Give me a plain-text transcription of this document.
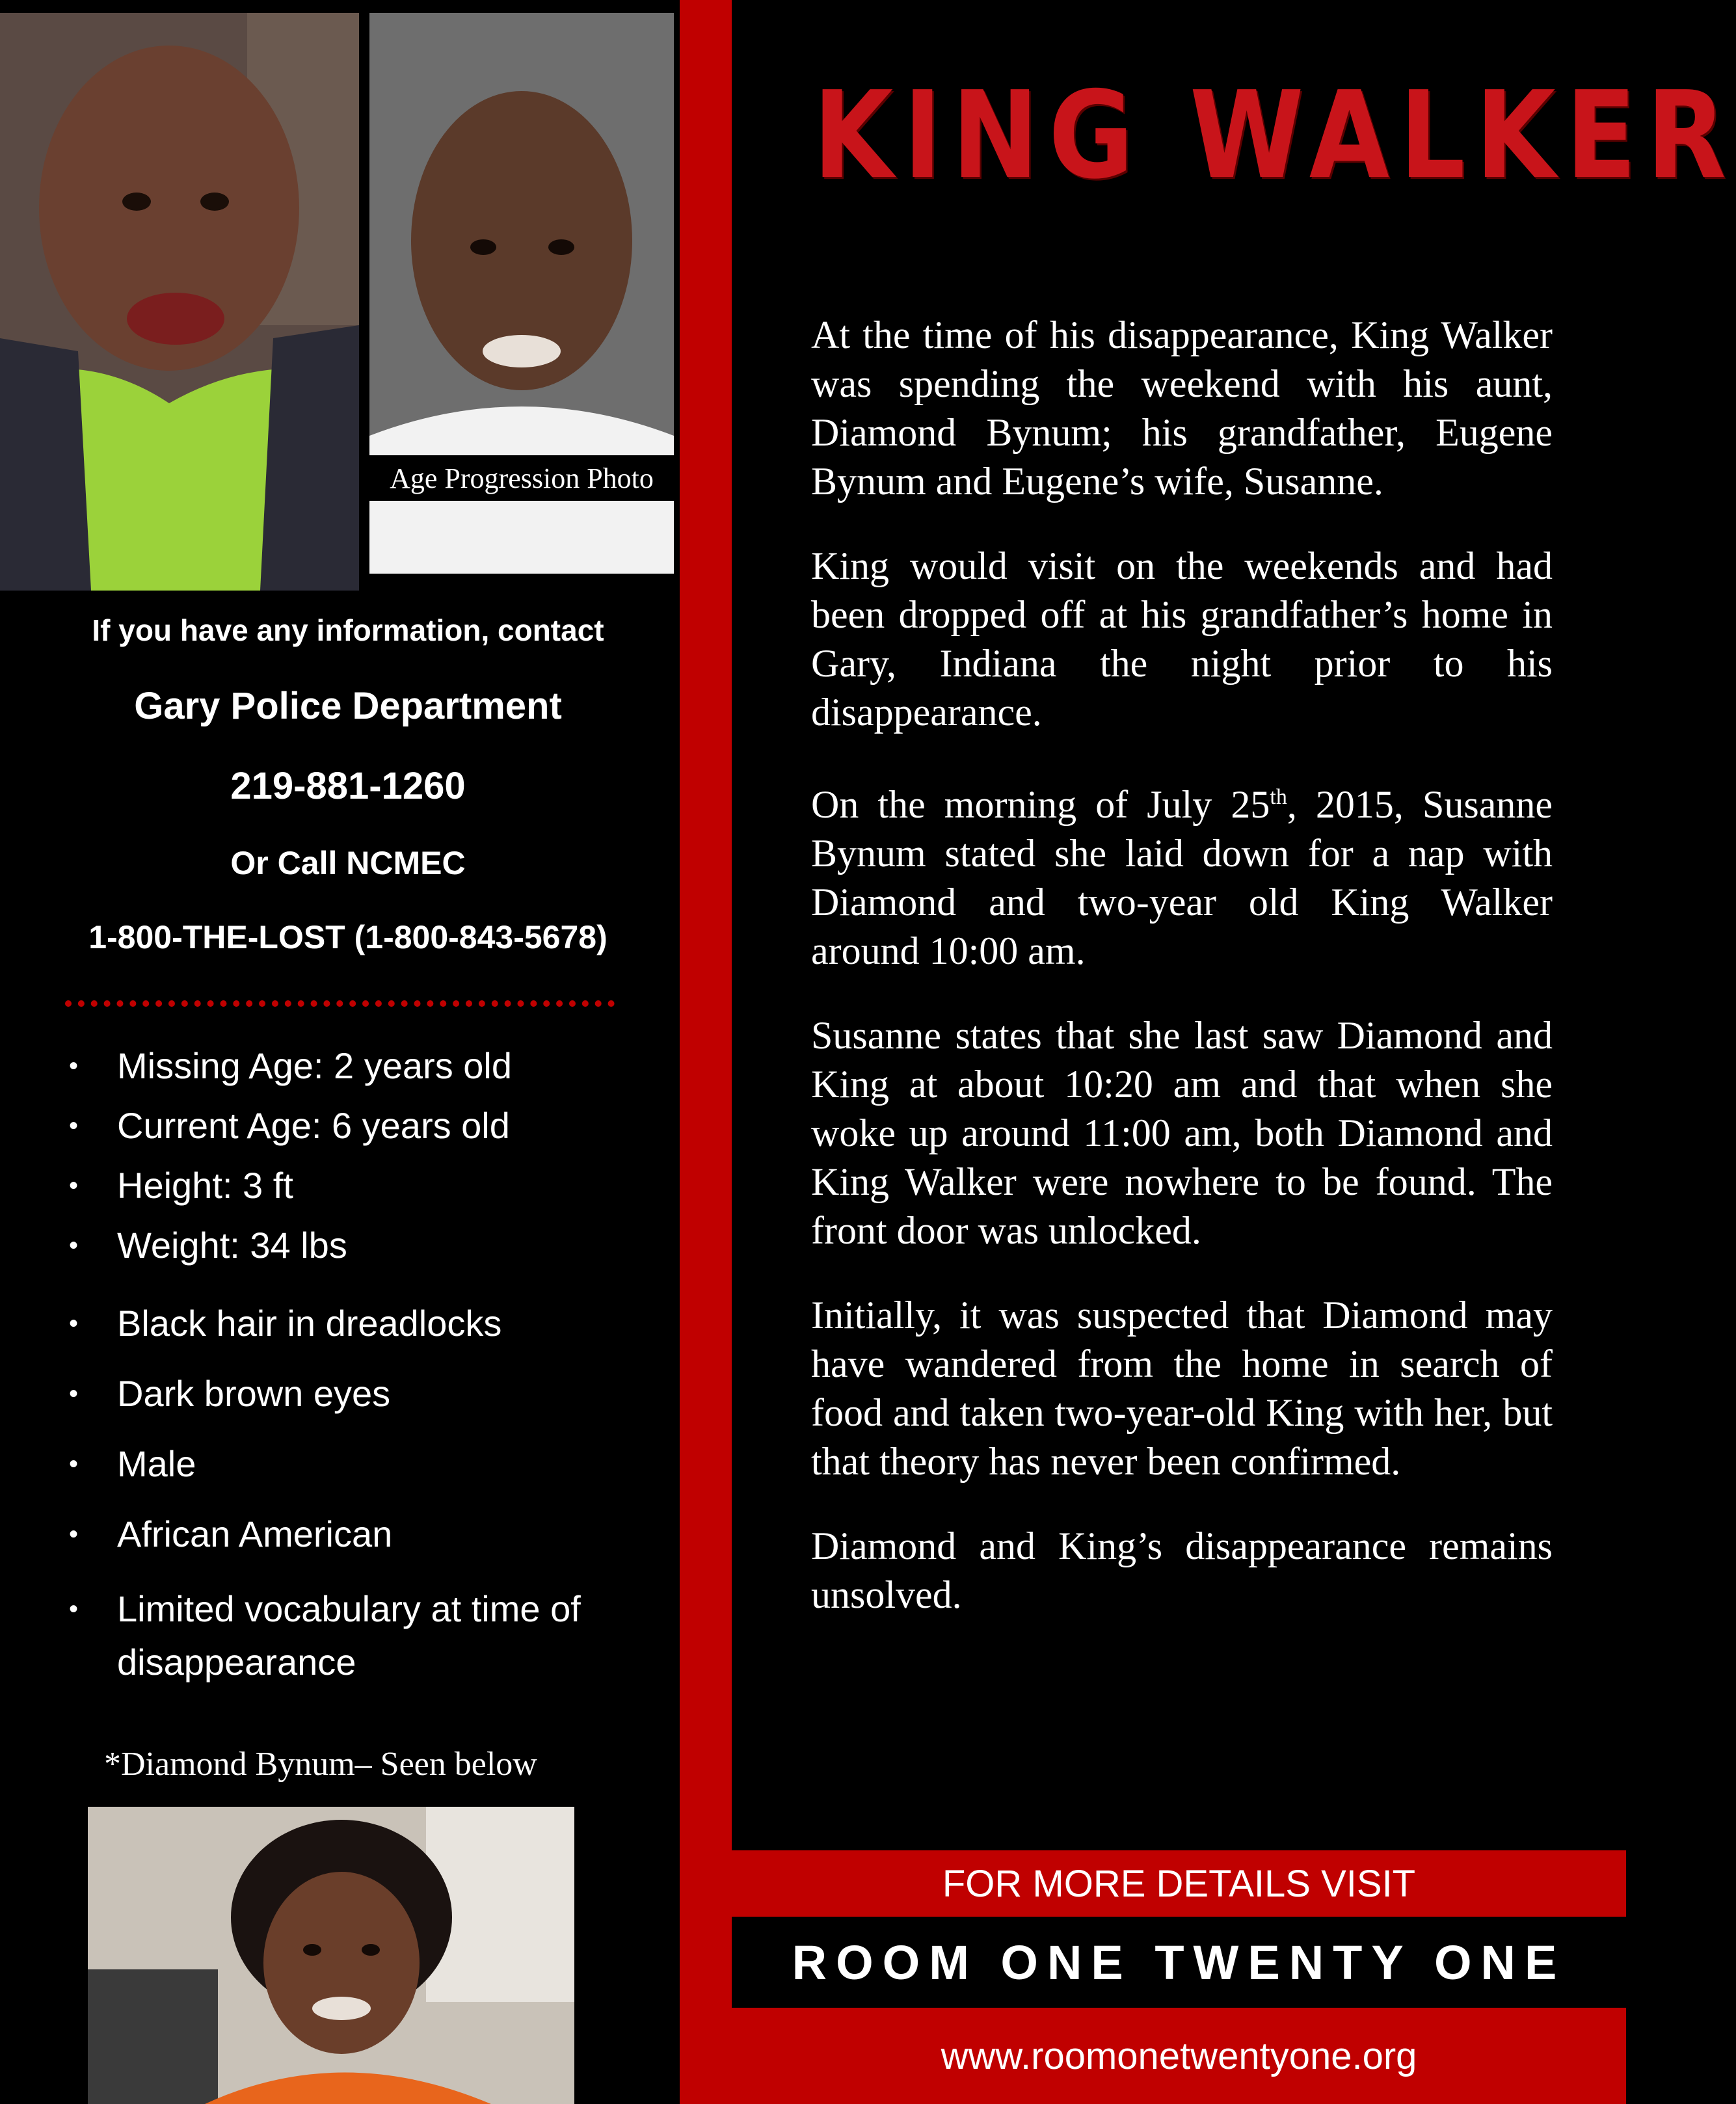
Age Progression Photo
If you have any information, contact
Gary Police Department
219-881-1260
Or Call NCMEC
1-800-THE-LOST (1-800-843-5678)
• Missing Age: 2 years old
• Current Age: 6 years old
• Height: 3 ft
• Weight: 34 lbs
• Black hair in dreadlocks
• Dark brown eyes
• Male
• African American
• Limited vocabulary at time of disappearance
*Diamond Bynum– Seen below
KING WALKER

At the time of his disappearance, King Walker was spending the weekend with his aunt, Diamond Bynum; his grandfather, Eugene Bynum and Eugene’s wife, Susanne.

King would visit on the weekends and had been dropped off at his grandfather’s home in Gary, Indiana the night prior to his disappearance.

On the morning of July 25th, 2015, Susanne Bynum stated she laid down for a nap with Diamond and two-year old King Walker around 10:00 am.

Susanne states that she last saw Diamond and King at about 10:20 am and that when she woke up around 11:00 am, both Diamond and King Walker were nowhere to be found. The front door was unlocked.

Initially, it was suspected that Diamond may have wandered from the home in search of food and taken two-year-old King with her, but that theory has never been confirmed.

Diamond and King’s disappearance remains unsolved.

FOR MORE DETAILS VISIT
ROOM ONE TWENTY ONE
www.roomonetwentyone.org
